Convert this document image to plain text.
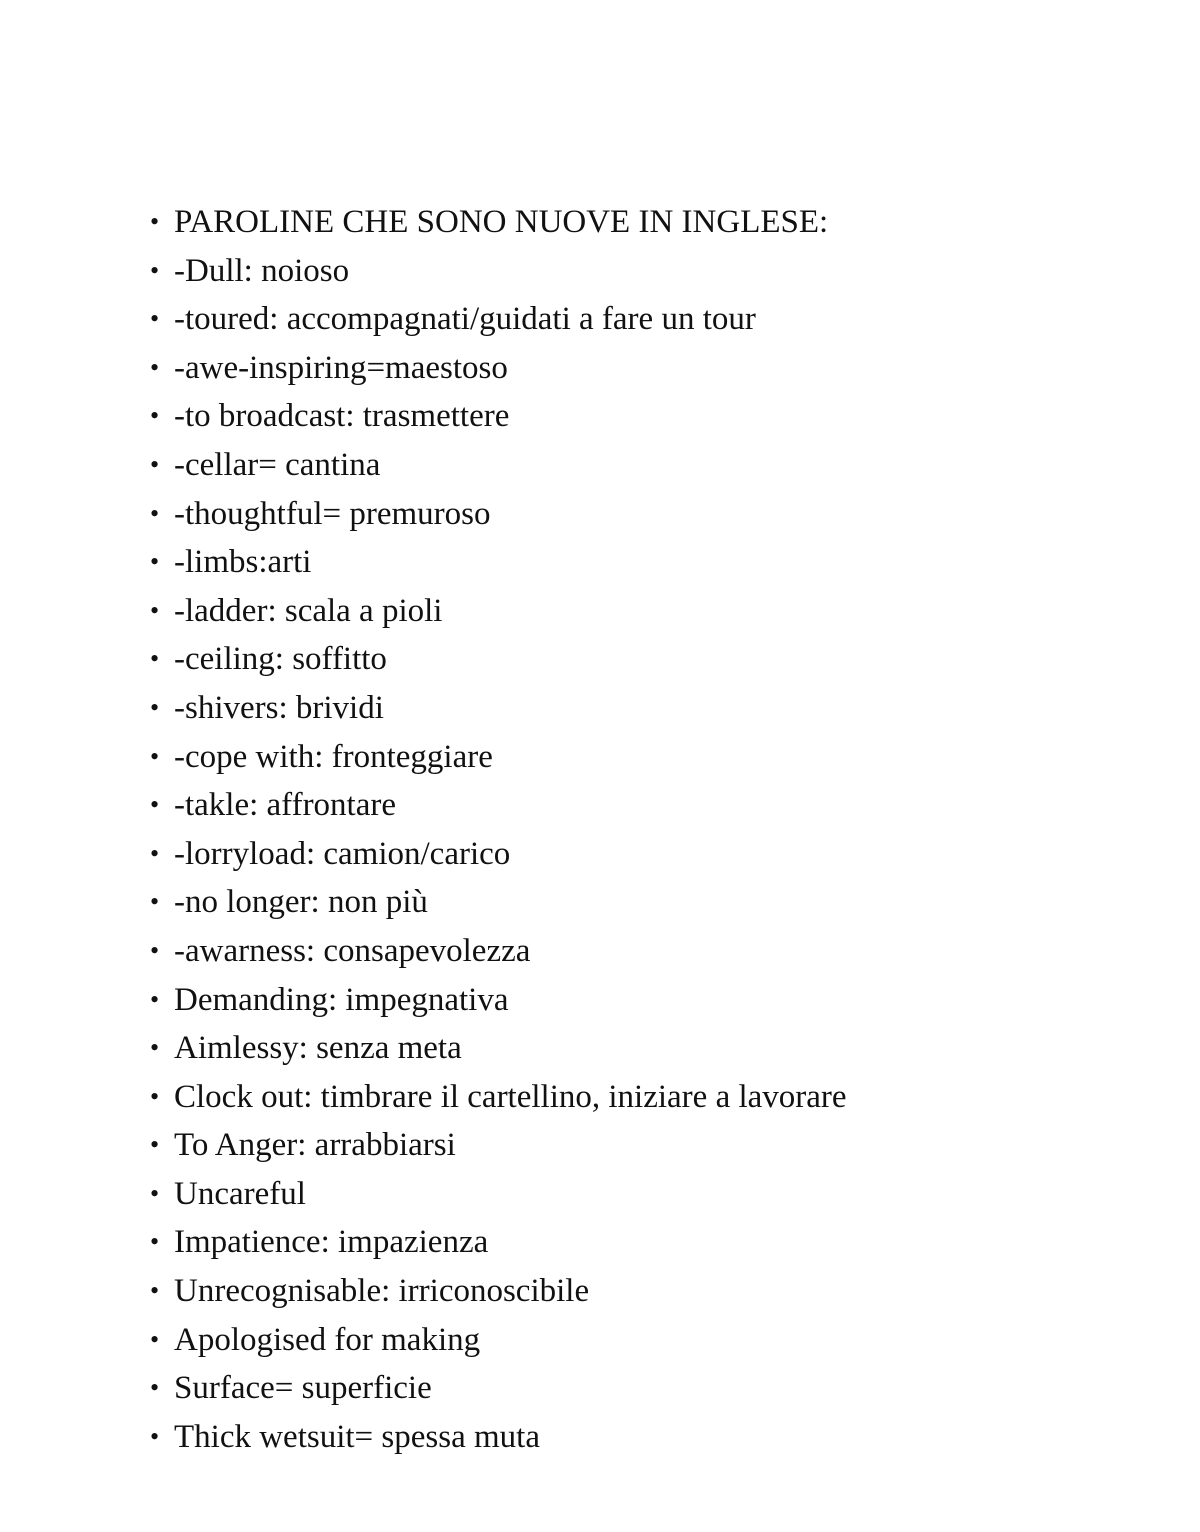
• PAROLINE CHE SONO NUOVE IN INGLESE:
• -Dull: noioso
• -toured: accompagnati/guidati a fare un tour
• -awe-inspiring=maestoso
• -to broadcast: trasmettere
• -cellar= cantina
• -thoughtful= premuroso
• -limbs:arti
• -ladder: scala a pioli
• -ceiling: soffitto
• -shivers: brividi
• -cope with: fronteggiare
• -takle: affrontare
• -lorryload: camion/carico
• -no longer: non più
• -awarness: consapevolezza
• Demanding: impegnativa
• Aimlessy: senza meta
• Clock out: timbrare il cartellino, iniziare a lavorare
• To Anger: arrabbiarsi
• Uncareful
• Impatience: impazienza
• Unrecognisable: irriconoscibile
• Apologised for making
• Surface= superficie
• Thick wetsuit= spessa muta
